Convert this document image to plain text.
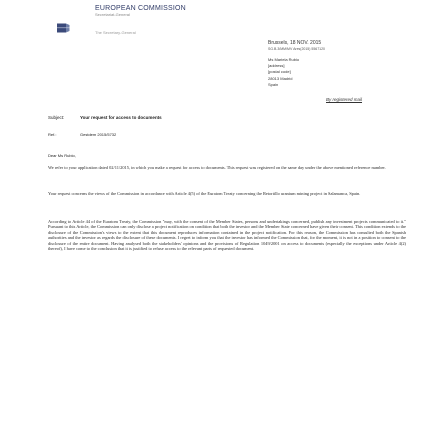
EUROPEAN COMMISSION
Secretariat-General
The Secretary-General
Brussels, 18 NOV. 2015
SG.B.3/MM/MV Ares(2015) 5567120
Ms Mariela Rubio
[address]
[postal code]
28013 Madrid
Spain
By registered mail
Subject:	Your request for access to documents
Ref.:	Gestdem 2015/5732
Dear Ms Rubio,
We refer to your application dated 02/11/2015, in which you make a request for access to documents. This request was registered on the same day under the above mentioned reference number.
Your request concerns the views of the Commission in accordance with Article 4(5) of the Euratom Treaty concerning the Retortillo uranium mining project in Salamanca, Spain.
According to Article 44 of the Euratom Treaty, the Commission "may, with the consent of the Member States, persons and undertakings concerned, publish any investment projects communicated to it." Pursuant to this Article, the Commission can only disclose a project notification on condition that both the investor and the Member State concerned have given their consent. This condition extends to the disclosure of the Commission's views to the extent that this document reproduces information contained in the project notification. For this reason, the Commission has consulted both the Spanish authorities and the investor as regards the disclosure of these documents. I regret to inform you that the investor has informed the Commission that, for the moment, it is not in a position to consent to the disclosure of the entire document. Having analysed both the stakeholders' opinions and the provisions of Regulation 1049/2001 on access to documents (especially the exceptions under Article 4(2) thereof), I have come to the conclusion that it is justified to refuse access to the relevant parts of requested document.
